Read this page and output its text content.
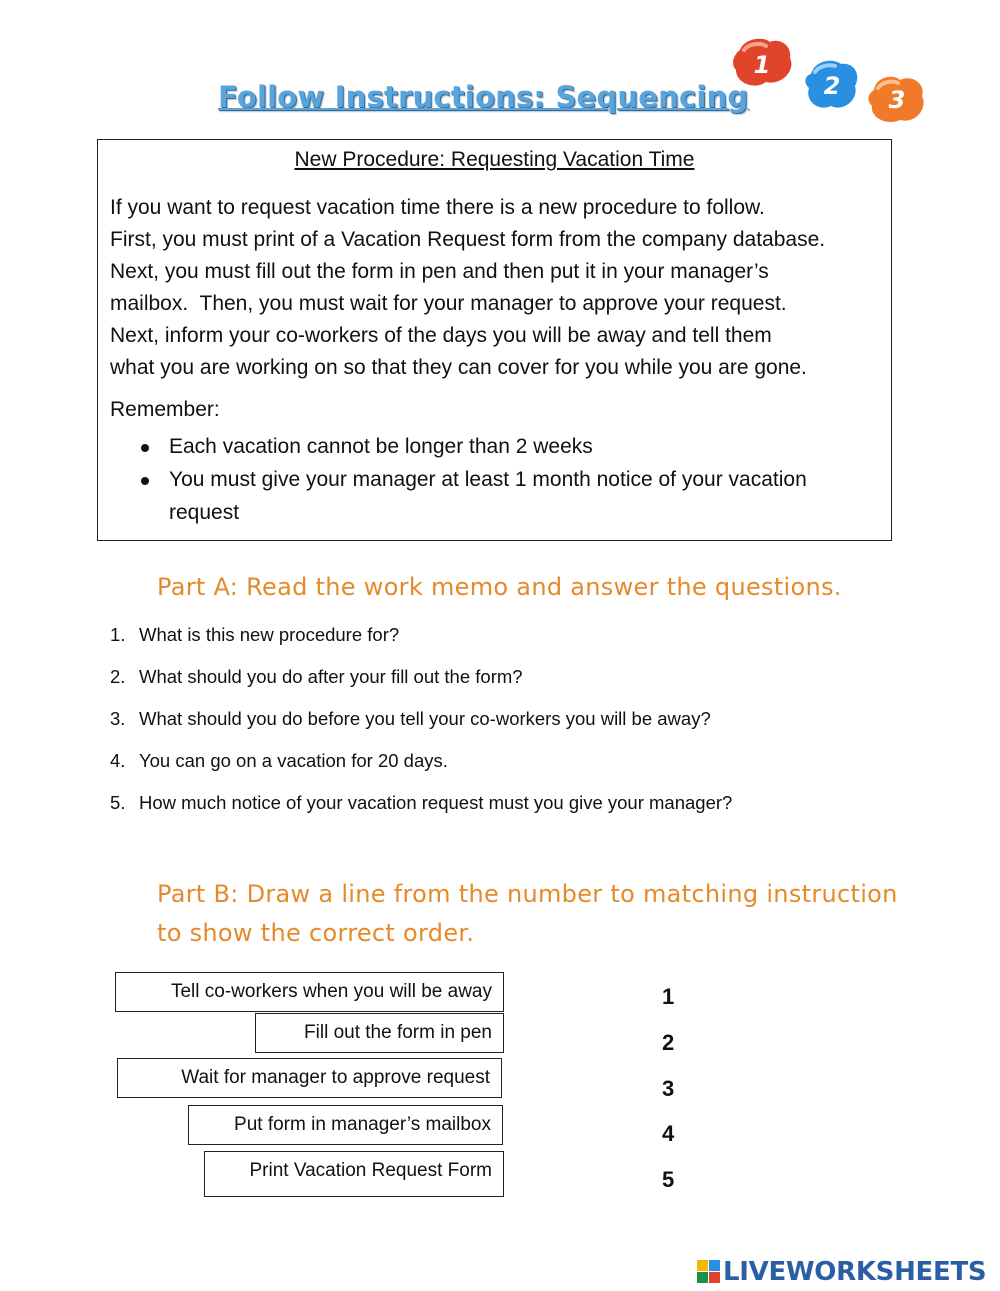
Follow Instructions: Sequencing
1
2 3
New Procedure: Requesting Vacation Time

If you want to request vacation time there is a new procedure to follow.

First, you must print of a Vacation Request form from the company database.

Next, you must fill out the form in pen and then put it in your manager’s

mailbox.  Then, you must wait for your manager to approve your request.

Next, inform your co-workers of the days you will be away and tell them

what you are working on so that they can cover for you while you are gone.

Remember:
Each vacation cannot be longer than 2 weeks
You must give your manager at least 1 month notice of your vacation request
Part A: Read the work memo and answer the questions.
1. What is this new procedure for?
2. What should you do after your fill out the form?
3. What should you do before you tell your co-workers you will be away?
4. You can go on a vacation for 20 days.
5. How much notice of your vacation request must you give your manager?
Part B: Draw a line from the number to matching instruction
to show the correct order.
Tell co-workers when you will be away
Fill out the form in pen
Wait for manager to approve request
Put form in manager’s mailbox
Print Vacation Request Form
1
2
3
4
5
LIVEWORKSHEETS
